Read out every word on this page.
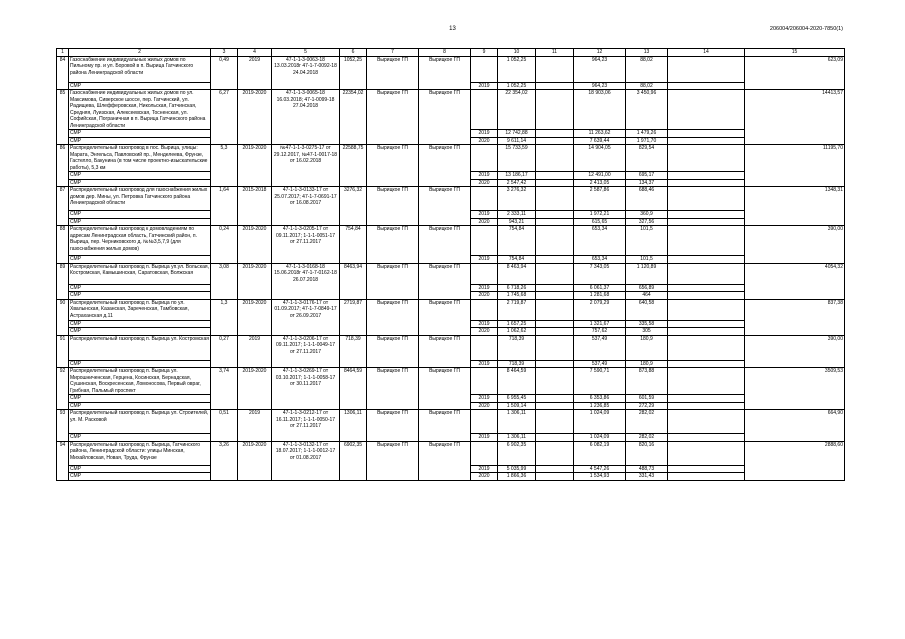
13	206004/206004-2020-7850(1)
1	2	3	4	5	6	7	8	9	10	11	12	13	14	15
84	Газоснабжение индивидуальных жилых домов по Пильному пр. и ул. Боровой в п. Вырица Гатчинского района Ленинградской области	0,49	2019	47-1-1-3-0063-18 13.03.2018г 47-1-7-0092-18 24.04.2018	1052,25	Вырицкое ГП	Вырицкое ГП		1 052,25		964,23	88,02		623,09
	СМР							2019	1 052,25		964,23	88,02		
85	Газоснабжение индивидуальных жилых домов по ул. Максимова, Сиверское шоссе, пер. Гатчинский, ул. Радищева, Шлефферовская, Никольская, Гатчинская, Средняя, Луизская, Алексеевская, Тосненская, ул. Софийская, Пограничная в п. Вырица Гатчинского района Ленинградской области	6,27	2019-2020	47-1-1-3-0065-18 16.03.2018; 47-1-0099-18 27.04.2018	22354,02	Вырицкое ГП	Вырицкое ГП		22 354,02		18 903,06	3 450,96		14413,57
	СМР							2019	12 742,88		11 263,62	1 479,26		
	СМР							2020	9 611,14		7 639,44	1 971,70		
86	Распределительный газопровод в пос. Вырица, улицы: Марата, Энгельса, Павловский пр., Менделеева, Фрунзе, Гастелло, Бакунина (в том числе проектно-изыскательские работы), 5,3 км	5,3	2019-2020	№47-1-1-3-0275-17 от 29.12.2017, №47-1-0017-18 от 16.02.2018	22588,75	Вырицкое ГП	Вырицкое ГП		15 733,59		14 904,05	829,54		11195,70
	СМР							2019	13 186,17		12 491,00	695,17		
	СМР							2020	2 547,42		2 413,05	134,37		
87	Распределительный газопровод для газоснабжения жилых домов дер. Мины, ул. Петровка Гатчинского района Ленинградской области	1,64	2015-2018	47-1-1-3-0133-17 от 25.07.2017; 47-1-7-0691-17 от 16.08.2017	3276,32	Вырицкое ГП	Вырицкое ГП		3 276,32		2 587,86	688,46		1348,31
	СМР							2019	2 333,11		1 972,21	360,9		
	СМР							2020	943,21		615,65	327,56		
88	Распределительный газопровод к домовладениям по адресам Ленинградская область, Гатчинский район, п. Вырица, пер. Черниковского д. №№3,5,7,9 (для газоснабжения жилых домов)	0,24	2019-2020	47-1-1-3-0205-17 от 09.11.2017; 1-1-1-0051-17 от 27.11.2017	754,84	Вырицкое ГП	Вырицкое ГП		754,84		653,34	101,5		390,00
	СМР							2019	754,84		653,34	101,5		
89	Распределительный газопровод п. Вырица уп.ул. Вольская, Костромская, Камышинская, Саратовская, Волжская	3,08	2019-2020	47-1-1-3-0168-18 15.06.2018г 47-1-7-0162-18 26.07.2018	8463,94	Вырицкое ГП	Вырицкое ГП		8 463,94		7 343,05	1 120,89		4054,32
	СМР							2019	6 718,26		6 061,37	656,89		
	СМР							2020	1 745,68		1 281,68	464		
90	Распределительный газопровод п. Вырица по ул. Хвалынская, Казанская, Зареченская, Тамбовская, Астраханская д.11	1,3	2019-2020	47-1-1-3-0176-17 от 01.09.2017; 47-1-7-0849-17 от 26.09.2017	2719,87	Вырицкое ГП	Вырицкое ГП		2 719,87		2 079,29	640,58		837,38
	СМР							2019	1 657,25		1 321,67	335,58		
	СМР							2020	1 062,62		757,62	305		
91	Распределительный газопровод п. Вырица ул. Костромская	0,27	2019	47-1-1-3-0206-17 от 09.11.2017; 1-1-1-0049-17 от 27.11.2017	718,39	Вырицкое ГП	Вырицкое ГП		718,39		537,49	180,9		390,00
	СМР							2019	718,39		537,49	180,9		
92	Распределительный газопровод п. Вырица ул. Мирошниченская, Герцена, Косинская, Бернадская, Сушинская, Воскресенская, Ломоносова, Первый овраг, Грибная, Пальмый проспект	3,74	2019-2020	47-1-1-3-0269-17 от 03.10.2017; 1-1-1-0058-17 от 30.11.2017	8464,59	Вырицкое ГП	Вырицкое ГП		8 464,59		7 590,71	873,88		3509,53
	СМР							2019	6 955,45		6 353,86	601,59		
	СМР							2020	1 509,14		1 236,85	272,29		
93	Распределительный газопровод п. Вырица ул. Строителей, ул. М. Расковой	0,51	2019	47-1-1-3-0212-17 от 16.11.2017; 1-1-1-0050-17 от 27.11.2017	1306,11	Вырицкое ГП	Вырицкое ГП		1 306,11		1 024,09	282,02		664,90
	СМР							2019	1 306,11		1 024,09	282,02		
94	Распределительный газопровод п. Вырица, Гатчинского района, Ленинградской области: улицы Минская, Михайловская, Новая, Труда, Фрунзе	3,26	2019-2020	47-1-1-3-0132-17 от 18.07.2017; 1-1-1-0012-17 от 01.08.2017	6902,35	Вырицкое ГП	Вырицкое ГП		6 902,35		6 082,19	820,16		2888,60
	СМР							2019	5 035,99		4 547,26	488,73		
	СМР							2020	1 866,36		1 534,93	331,43		
